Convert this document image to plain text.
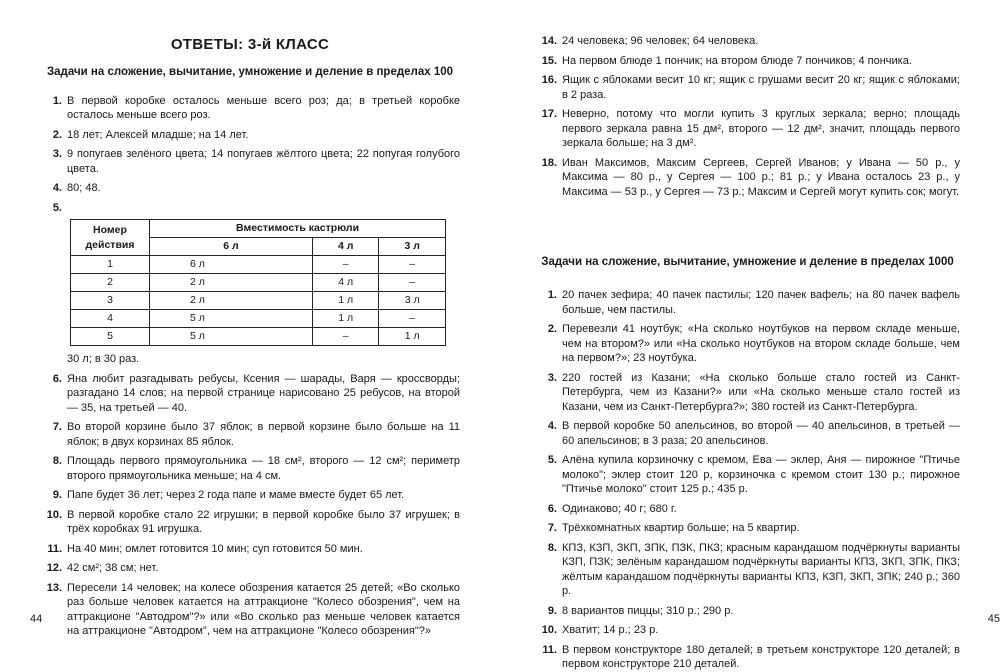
ОТВЕТЫ: 3-й КЛАСС
Задачи на сложение, вычитание, умножение и деление в пределах 100
1. В первой коробке осталось меньше всего роз; да; в третьей коробке осталось меньше всего роз.
2. 18 лет; Алексей младше; на 14 лет.
3. 9 попугаев зелёного цвета; 14 попугаев жёлтого цвета; 22 попугая голубого цвета.
4. 80; 48.
5.
Номер действия	Вместимость кастрюли		
	6 л	4 л	3 л
1	6 л	–	–
2	2 л	4 л	–
3	2 л	1 л	3 л
4	5 л	1 л	–
5	5 л	–	1 л
30 л; в 30 раз.
6. Яна любит разгадывать ребусы, Ксения — шарады, Варя — кроссворды; разгадано 14 слов; на первой странице нарисовано 25 ребусов, на второй — 35, на третьей — 40.
7. Во второй корзине было 37 яблок; в первой корзине было больше на 11 яблок; в двух корзинах 85 яблок.
8. Площадь первого прямоугольника — 18 см², второго — 12 см²; периметр второго прямоугольника меньше; на 4 см.
9. Папе будет 36 лет; через 2 года папе и маме вместе будет 65 лет.
10. В первой коробке стало 22 игрушки; в первой коробке было 37 игрушек; в трёх коробках 91 игрушка.
11. На 40 мин; омлет готовится 10 мин; суп готовится 50 мин.
12. 42 см²; 38 см; нет.
13. Пересели 14 человек; на колесе обозрения катается 25 детей; «Во сколько раз больше человек катается на аттракционе "Колесо обозрения", чем на аттракционе "Автодром"?» или «Во сколько раз меньше человек катается на аттракционе "Автодром", чем на аттракционе "Колесо обозрения"?»
44
14. 24 человека; 96 человек; 64 человека.
15. На первом блюде 1 пончик; на втором блюде 7 пончиков; 4 пончика.
16. Ящик с яблоками весит 10 кг; ящик с грушами весит 20 кг; ящик с яблоками; в 2 раза.
17. Неверно, потому что могли купить 3 круглых зеркала; верно; площадь первого зеркала равна 15 дм², второго — 12 дм², значит, площадь первого зеркала больше; на 3 дм².
18. Иван Максимов, Максим Сергеев, Сергей Иванов; у Ивана — 50 р., у Максима — 80 р., у Сергея — 100 р.; 81 р.; у Ивана осталось 23 р., у Максима — 53 р., у Сергея — 73 р.; Максим и Сергей могут купить сок; могут.
Задачи на сложение, вычитание, умножение и деление в пределах 1000
1. 20 пачек зефира; 40 пачек пастилы; 120 пачек вафель; на 80 пачек вафель больше, чем пастилы.
2. Перевезли 41 ноутбук; «На сколько ноутбуков на первом складе меньше, чем на втором?» или «На сколько ноутбуков на втором складе больше, чем на первом?»; 23 ноутбука.
3. 220 гостей из Казани; «На сколько больше стало гостей из Санкт-Петербурга, чем из Казани?» или «На сколько меньше стало гостей из Казани, чем из Санкт-Петербурга?»; 380 гостей из Санкт-Петербурга.
4. В первой коробке 50 апельсинов, во второй — 40 апельсинов, в третьей — 60 апельсинов; в 3 раза; 20 апельсинов.
5. Алёна купила корзиночку с кремом, Ева — эклер, Аня — пирожное "Птичье молоко"; эклер стоит 120 р, корзиночка с кремом стоит 130 р.; пирожное "Птичье молоко" стоит 125 р.; 435 р.
6. Одинаково; 40 г; 680 г.
7. Трёхкомнатных квартир больше; на 5 квартир.
8. КПЗ, КЗП, ЗКП, ЗПК, ПЗК, ПКЗ; красным карандашом подчёркнуты варианты КЗП, ПЗК; зелёным карандашом подчёркнуты варианты КПЗ, ЗКП, ЗПК, ПКЗ; жёлтым карандашом подчёркнуты варианты КПЗ, КЗП, ЗКП, ЗПК; 240 р.; 360 р.
9. 8 вариантов пиццы; 310 р.; 290 р.
10. Хватит; 14 р.; 23 р.
11. В первом конструкторе 180 деталей; в третьем конструкторе 120 деталей; в первом конструкторе 210 деталей.
45
